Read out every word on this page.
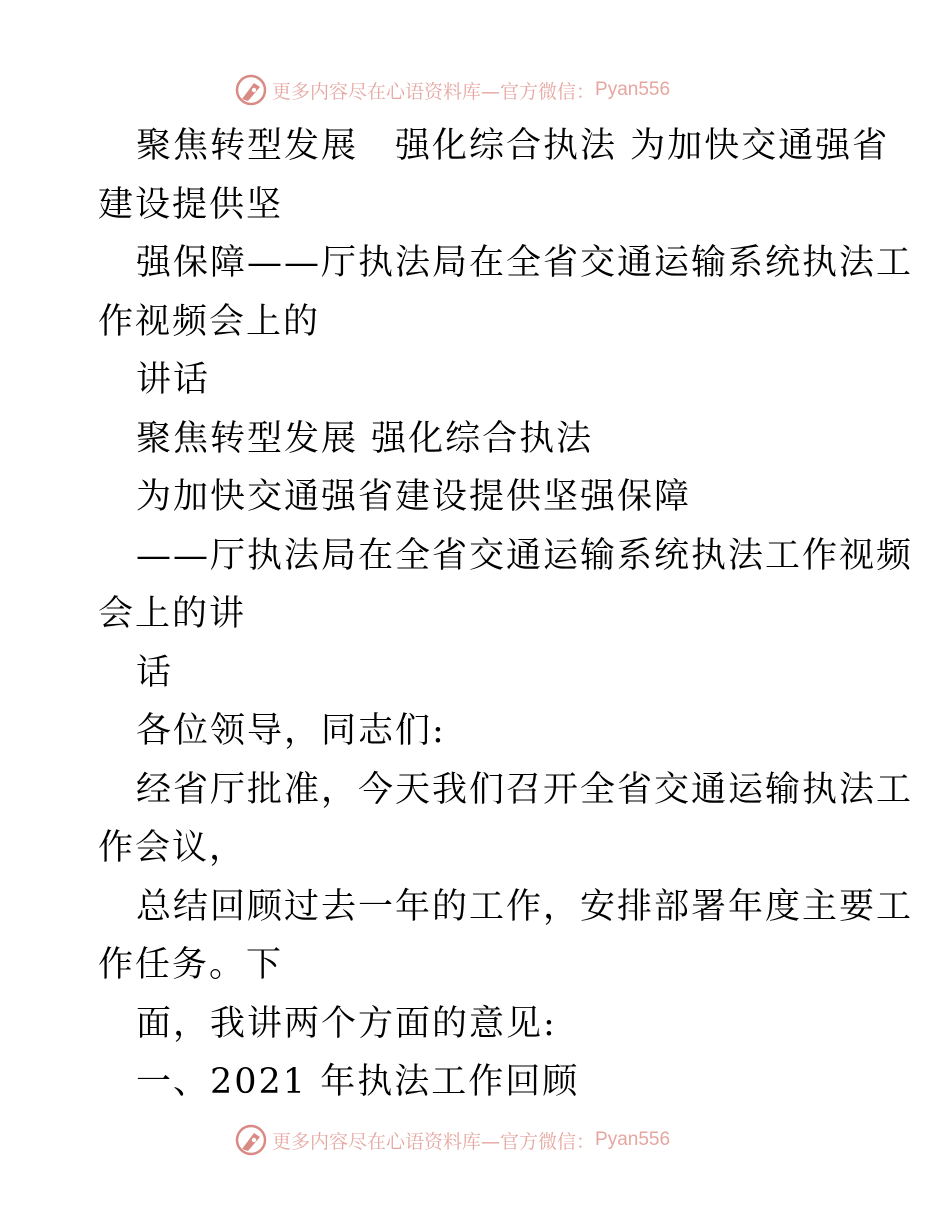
更多内容尽在心语资料库—官方微信： Pyan556
聚焦转型发展　强化综合执法 为加快交通强省
建设提供坚
强保障——厅执法局在全省交通运输系统执法工
作视频会上的
讲话
聚焦转型发展 强化综合执法
为加快交通强省建设提供坚强保障
——厅执法局在全省交通运输系统执法工作视频
会上的讲
话
各位领导，同志们:
经省厅批准，今天我们召开全省交通运输执法工
作会议，
总结回顾过去一年的工作，安排部署年度主要工
作任务。下
面，我讲两个方面的意见:
一、2021 年执法工作回顾
更多内容尽在心语资料库—官方微信： Pyan556
